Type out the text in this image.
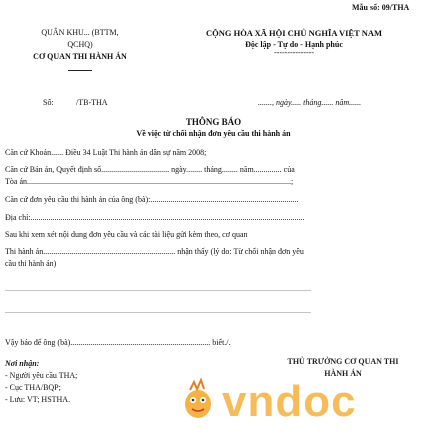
Mẫu số: 09/THA
QUÂN KHU... (BTTM,
QCHQ)
CƠ QUAN THI HÀNH ÁN
CỘNG HÒA XÃ HỘI CHỦ NGHĨA VIỆT NAM
Độc lập - Tự do - Hạnh phúc
---------------
Số:	/TB-THA	......., ngày..... tháng...... năm......
THÔNG BÁO
Về việc từ chối nhận đơn yêu cầu thi hành án
Căn cứ Khoản...... Điều 34 Luật Thi hành án dân sự năm 2008;
Căn cứ Bản án, Quyết định số.................................. ngày........ tháng........ năm.............. của
Tòa án....................................................................................................................................;
Căn cứ đơn yêu cầu thi hành án của ông (bà):..........................................................................
Địa chỉ:.........................................................................................................................................
Sau khi xem xét nội dung đơn yêu cầu và các tài liệu gửi kèm theo, cơ quan
Thi hành án.................................................................. nhận thấy (lý do: Từ chối nhận đơn yêu
cầu thi hành án)
.........................................................................................................................................................
.........................................................................................................................................................
Vậy báo để ông (bà)...................................................................... biết./.
Nơi nhận:
- Người yêu cầu THA;
- Cục THA/BQP;
- Lưu: VT; HSTHA.	vndoc
THỦ TRƯỞNG CƠ QUAN THI
HÀNH ÁN
